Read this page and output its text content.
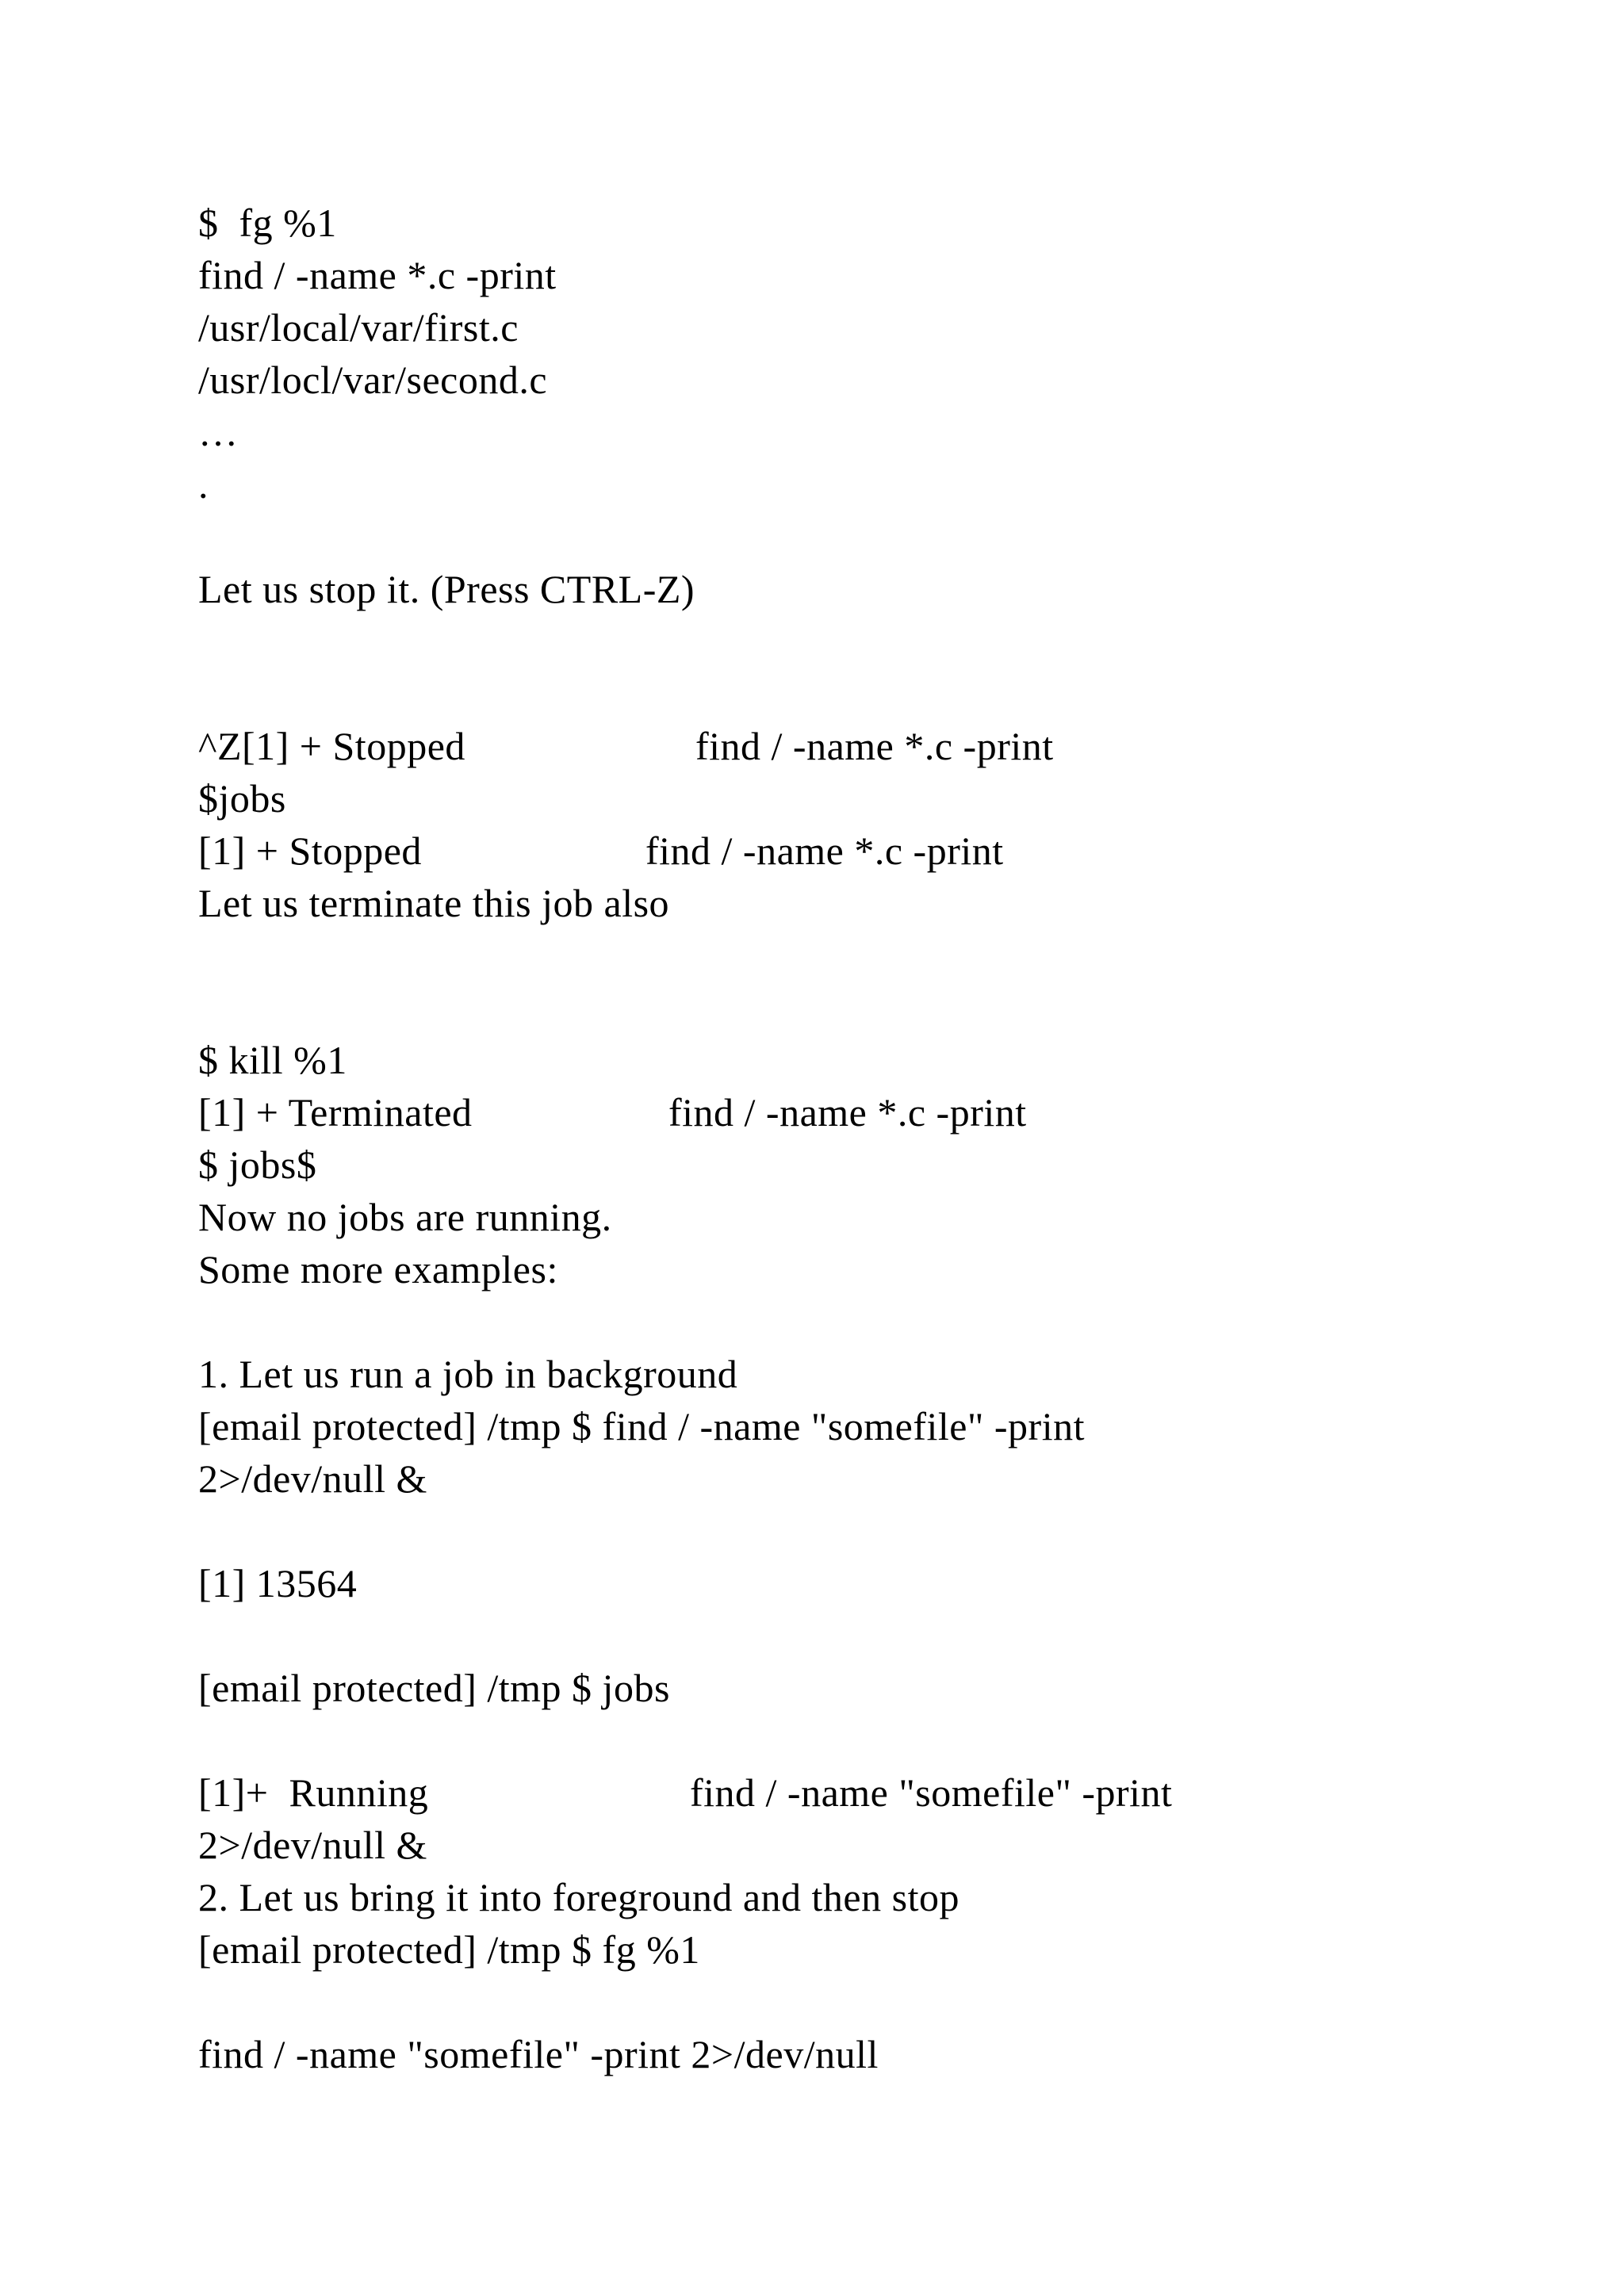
$  fg %1

find / -name *.c -print

/usr/local/var/first.c

/usr/locl/var/second.c

…

.

Let us stop it. (Press CTRL-Z)

^Z[1] + Stopped

	find / -name *.c -print

$jobs

[1] + Stopped

	find / -name *.c -print

Let us terminate this job also

$ kill %1

[1] + Terminated

	find / -name *.c -print

$ jobs$

Now no jobs are running.

Some more examples:

1. Let us run a job in background

[email protected] /tmp $ find / -name "somefile" -print

2>/dev/null &

[1] 13564

[email protected] /tmp $ jobs

[1]+  Running

	find / -name "somefile" -print

2>/dev/null &

2. Let us bring it into foreground and then stop

[email protected] /tmp $ fg %1

find / -name "somefile" -print 2>/dev/null
